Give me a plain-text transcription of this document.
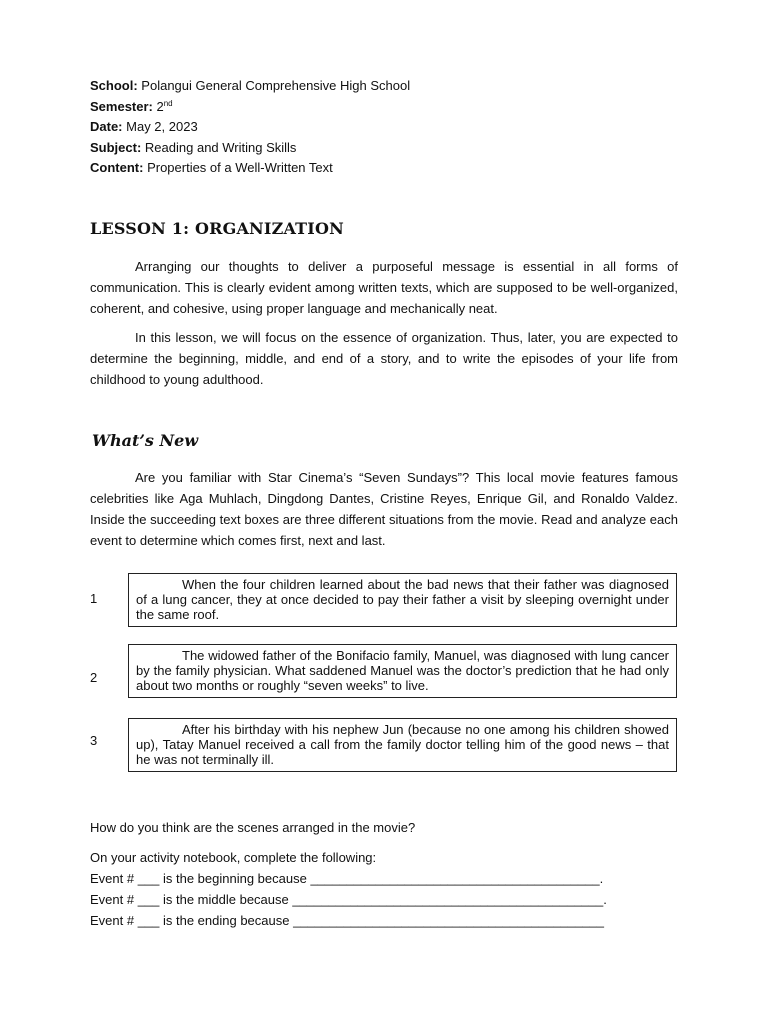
School: Polangui General Comprehensive High School
Semester: 2nd
Date: May 2, 2023
Subject: Reading and Writing Skills
Content: Properties of a Well-Written Text
LESSON 1: ORGANIZATION

Arranging our thoughts to deliver a purposeful message is essential in all forms of communication. This is clearly evident among written texts, which are supposed to be well-organized, coherent, and cohesive, using proper language and mechanically neat.

In this lesson, we will focus on the essence of organization. Thus, later, you are expected to determine the beginning, middle, and end of a story, and to write the episodes of your life from childhood to young adulthood.

What’s New

Are you familiar with Star Cinema’s “Seven Sundays”? This local movie features famous celebrities like Aga Muhlach, Dingdong Dantes, Cristine Reyes, Enrique Gil, and Ronaldo Valdez. Inside the succeeding text boxes are three different situations from the movie. Read and analyze each event to determine which comes first, next and last.

1
When the four children learned about the bad news that their father was diagnosed of a lung cancer, they at once decided to pay their father a visit by sleeping overnight under the same roof.
2
The widowed father of the Bonifacio family, Manuel, was diagnosed with lung cancer by the family physician. What saddened Manuel was the doctor’s prediction that he had only about two months or roughly “seven weeks” to live.
3
After his birthday with his nephew Jun (because no one among his children showed up), Tatay Manuel received a call from the family doctor telling him of the good news – that he was not terminally ill.

How do you think are the scenes arranged in the movie?

On your activity notebook, complete the following:

Event # ___ is the beginning because ________________________________________.

Event # ___ is the middle because ___________________________________________.

Event # ___ is the ending because ___________________________________________
